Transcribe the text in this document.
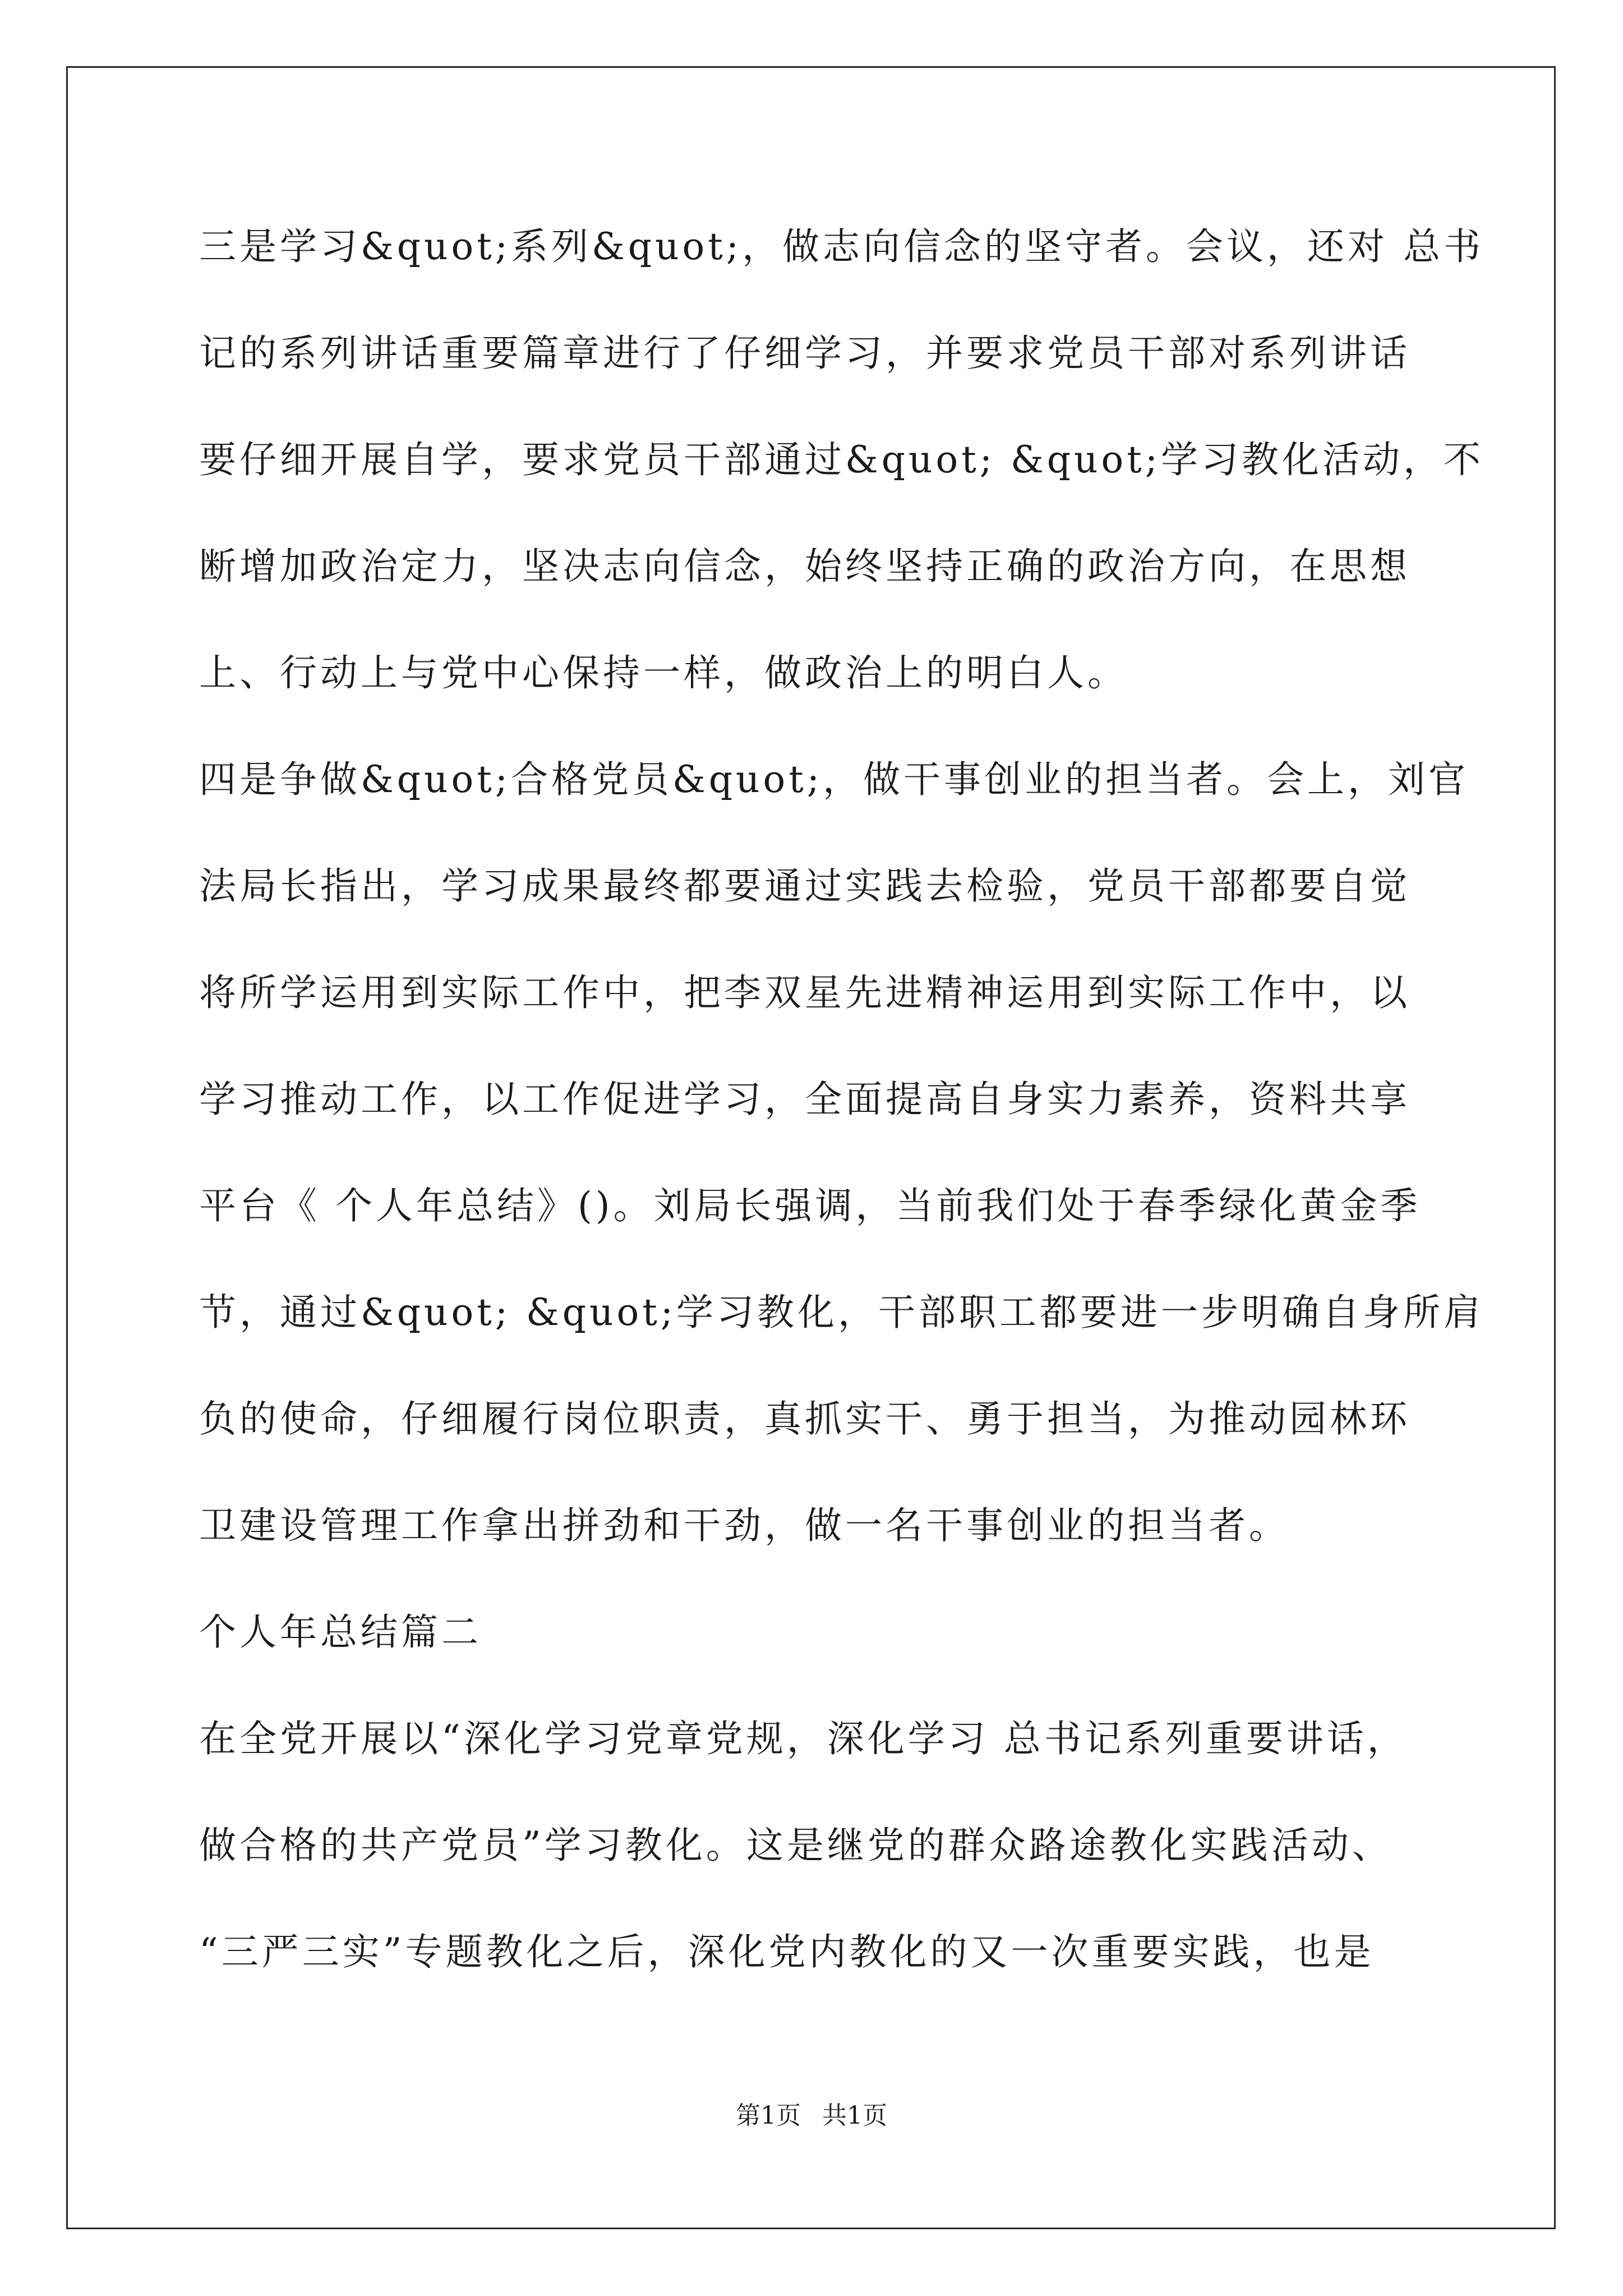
三是学习&quot;系列&quot;，做志向信念的坚守者。会议，还对 总书
记的系列讲话重要篇章进行了仔细学习，并要求党员干部对系列讲话
要仔细开展自学，要求党员干部通过&quot; &quot;学习教化活动，不
断增加政治定力，坚决志向信念，始终坚持正确的政治方向，在思想
上、行动上与党中心保持一样，做政治上的明白人。
四是争做&quot;合格党员&quot;，做干事创业的担当者。会上，刘官
法局长指出，学习成果最终都要通过实践去检验，党员干部都要自觉
将所学运用到实际工作中，把李双星先进精神运用到实际工作中，以
学习推动工作，以工作促进学习，全面提高自身实力素养，资料共享
平台《 个人年总结》()。刘局长强调，当前我们处于春季绿化黄金季
节，通过&quot; &quot;学习教化，干部职工都要进一步明确自身所肩
负的使命，仔细履行岗位职责，真抓实干、勇于担当，为推动园林环
卫建设管理工作拿出拼劲和干劲，做一名干事创业的担当者。
个人年总结篇二
在全党开展以“深化学习党章党规，深化学习 总书记系列重要讲话，
做合格的共产党员”学习教化。这是继党的群众路途教化实践活动、
“三严三实”专题教化之后，深化党内教化的又一次重要实践，也是
第1页 共1页
